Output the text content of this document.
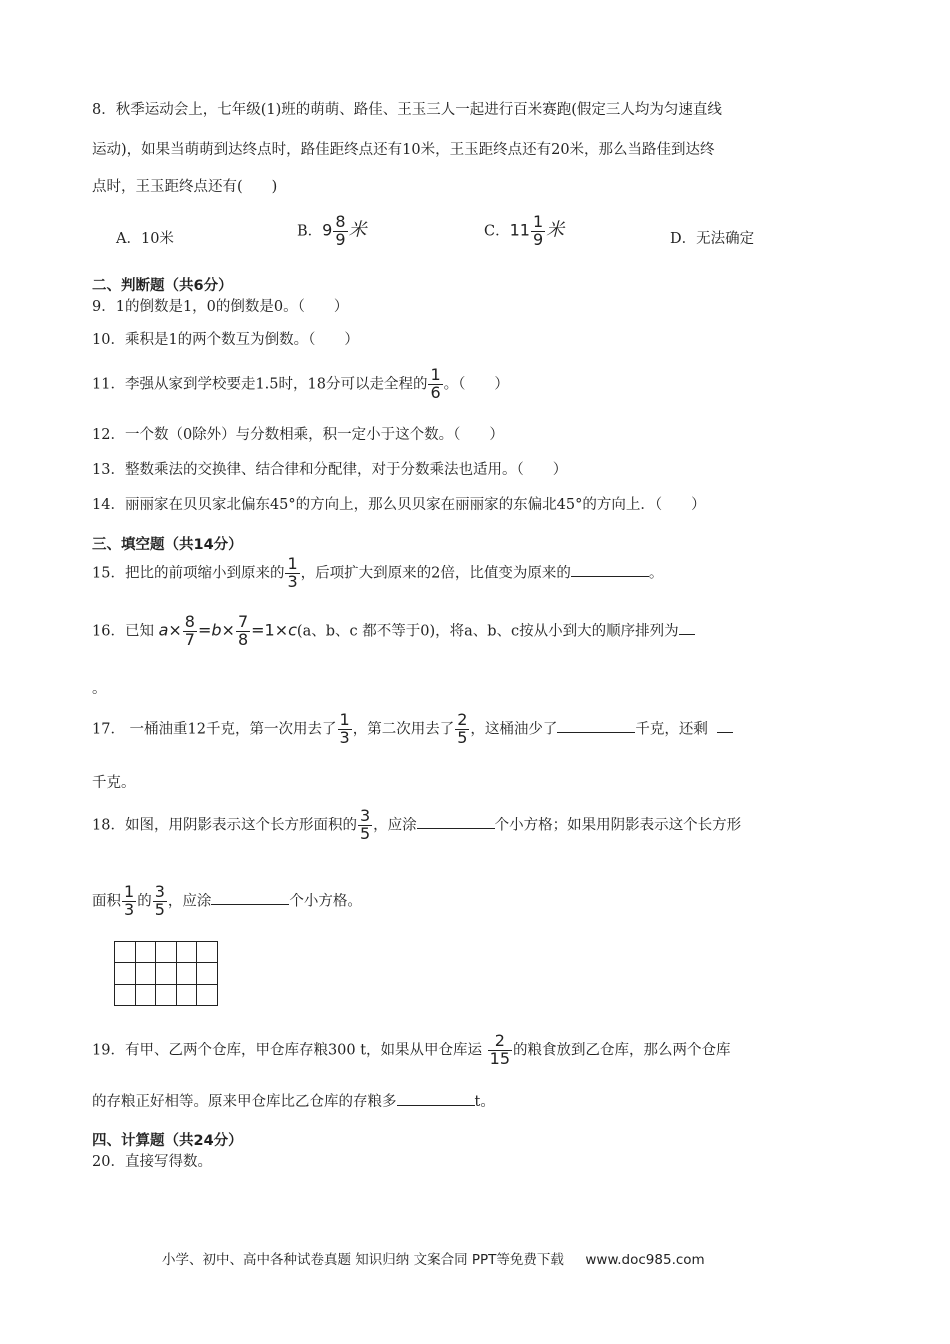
8．秋季运动会上，七年级(1)班的萌萌、路佳、王玉三人一起进行百米赛跑(假定三人均为匀速直线
运动)，如果当萌萌到达终点时，路佳距终点还有10米，王玉距终点还有20米，那么当路佳到达终
点时，王玉距终点还有(　　)
A．10米	B．$9 \frac{8}{9}$ 米	C．$11 \frac{1}{9}$ 米	D．无法确定
二、判断题（共6分）
9．1的倒数是1，0的倒数是0。（　　）
10．乘积是1的两个数互为倒数。（　　）
11．李强从家到学校要走1.5时，18分可以走全程的 $\frac{1}{6}$ 。（　　）
12．一个数（0除外）与分数相乘，积一定小于这个数。（　　）
13．整数乘法的交换律、结合律和分配律，对于分数乘法也适用。（　　）
14．丽丽家在贝贝家北偏东45°的方向上，那么贝贝家在丽丽家的东偏北45°的方向上．（　　）
三、填空题（共14分）
15．把比的前项缩小到原来的 $\frac{1}{3}$ ，后项扩大到原来的2倍，比值变为原来的	。
16．已知 $a\times \frac{8}{7} =b\times \frac{7}{8} =1\times c(a$、b、c 都不等于0)，将a、b、c按从小到大的顺序排列为
。
17． 一桶油重12千克，第一次用去了 $\frac{1}{3}$ ，第二次用去了 $\frac{2}{5}$ ，这桶油少了	千克，还剩
千克。
18．如图，用阴影表示这个长方形面积的 $\frac{3}{5}$ ，应涂	个小方格；如果用阴影表示这个长方形
面积 $\frac{1}{3}$ 的 $\frac{3}{5}$ ，应涂	个小方格。

19．有甲、乙两个仓库，甲仓库存粮300 t，如果从甲仓库运 $\frac{2}{15}$ 的粮食放到乙仓库，那么两个仓库
的存粮正好相等。原来甲仓库比乙仓库的存粮多	t。
四、计算题（共24分）
20．直接写得数。
小学、初中、高中各种试卷真题 知识归纳 文案合同 PPT等免费下载 www.doc985.com
